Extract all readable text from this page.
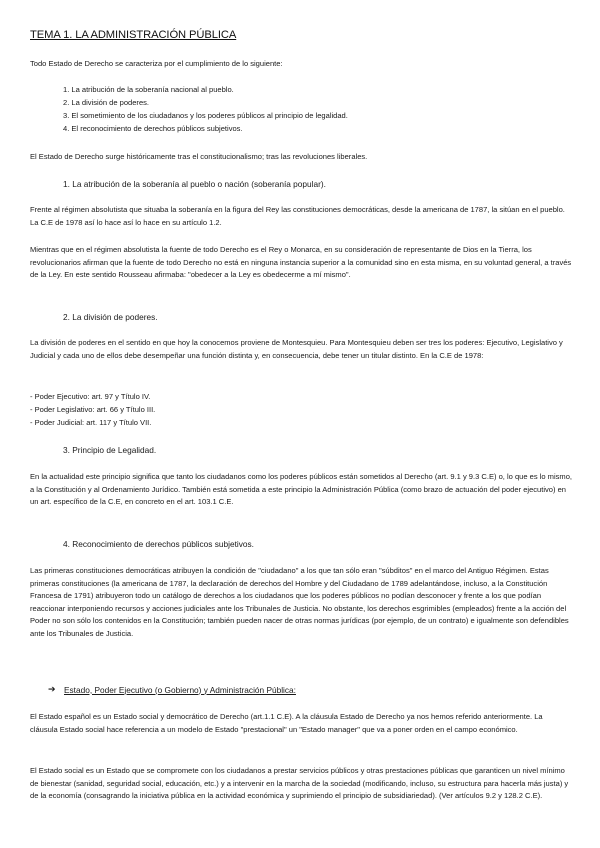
TEMA 1. LA ADMINISTRACIÓN PÚBLICA

Todo Estado de Derecho se caracteriza por el cumplimiento de lo siguiente:

1. La atribución de la soberanía nacional al pueblo.
2. La división de poderes.
3. El sometimiento de los ciudadanos y los poderes públicos al principio de legalidad.
4. El reconocimiento de derechos públicos subjetivos.

El Estado de Derecho surge históricamente tras el constitucionalismo; tras las revoluciones liberales.

1. La atribución de la soberanía al pueblo o nación (soberanía popular).

Frente al régimen absolutista que situaba la soberanía en la figura del Rey las constituciones democráticas, desde la americana de 1787, la sitúan en el pueblo. La C.E de 1978 así lo hace así lo hace en su artículo 1.2.

Mientras que en el régimen absolutista la fuente de todo Derecho es el Rey o Monarca, en su consideración de representante de Dios en la Tierra, los revolucionarios afirman que la fuente de todo Derecho no está en ninguna instancia superior a la comunidad sino en esta misma, en su voluntad general, a través de la Ley. En este sentido Rousseau afirmaba: "obedecer a la Ley es obedecerme a mí mismo".

2. La división de poderes.

La división de poderes en el sentido en que hoy la conocemos proviene de Montesquieu. Para Montesquieu deben ser tres los poderes: Ejecutivo, Legislativo y Judicial y cada uno de ellos debe desempeñar una función distinta y, en consecuencia, debe tener un titular distinto. En la C.E de 1978:

- Poder Ejecutivo: art. 97 y Título IV.
- Poder Legislativo: art. 66 y Título III.
- Poder Judicial: art. 117 y Título VII.
3. Principio de Legalidad.

En la actualidad este principio significa que tanto los ciudadanos como los poderes públicos están sometidos al Derecho (art. 9.1 y 9.3 C.E) o, lo que es lo mismo, a la Constitución y al Ordenamiento Jurídico. También está sometida a este principio la Administración Pública (como brazo de actuación del poder ejecutivo) en un art. específico de la C.E, en concreto en el art. 103.1 C.E.

4. Reconocimiento de derechos públicos subjetivos.

Las primeras constituciones democráticas atribuyen la condición de "ciudadano" a los que tan sólo eran "súbditos" en el marco del Antiguo Régimen. Estas primeras constituciones (la americana de 1787, la declaración de derechos del Hombre y del Ciudadano de 1789 adelantándose, incluso, a la Constitución Francesa de 1791) atribuyeron todo un catálogo de derechos a los ciudadanos que los poderes públicos no podían desconocer y frente a los que podían reaccionar interponiendo recursos y acciones judiciales ante los Tribunales de Justicia. No obstante, los derechos esgrimibles (empleados) frente a la acción del Poder no son sólo los contenidos en la Constitución; también pueden nacer de otras normas jurídicas (por ejemplo, de un contrato) e igualmente son defendibles ante los Tribunales de Justicia.

➔	Estado, Poder Ejecutivo (o Gobierno) y Administración Pública:

El Estado español es un Estado social y democrático de Derecho (art.1.1 C.E). A la cláusula Estado de Derecho ya nos hemos referido anteriormente. La cláusula Estado social hace referencia a un modelo de Estado "prestacional" un "Estado manager" que va a poner orden en el campo económico.

El Estado social es un Estado que se compromete con los ciudadanos a prestar servicios públicos y otras prestaciones públicas que garanticen un nivel mínimo de bienestar (sanidad, seguridad social, educación, etc.) y a intervenir en la marcha de la sociedad (modificando, incluso, su estructura para hacerla más justa) y de la economía (consagrando la iniciativa pública en la actividad económica y suprimiendo el principio de subsidiariedad). (Ver artículos 9.2 y 128.2 C.E).
